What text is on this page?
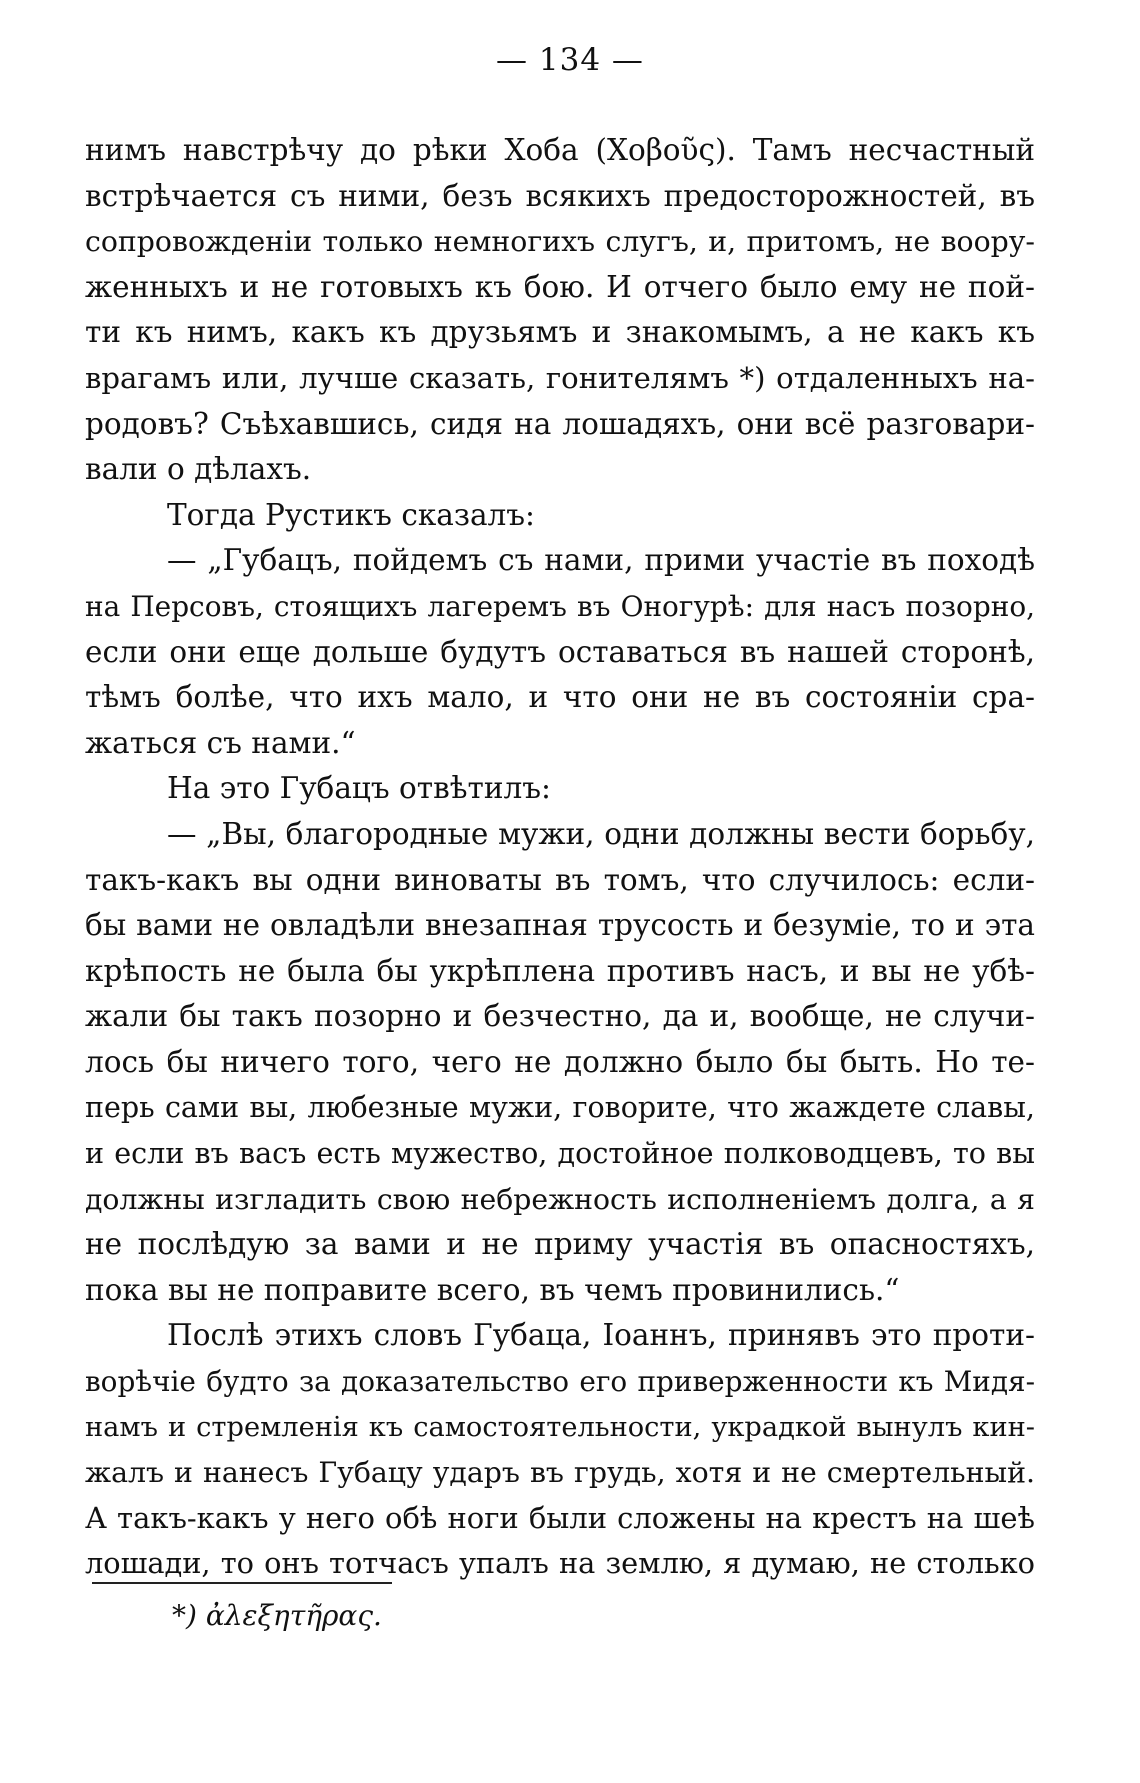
— 134 —
нимъ навстрѣчу до рѣки Хоба (Χοβοῦς). Тамъ несчастный
встрѣчается съ ними, безъ всякихъ предосторожностей, въ
сопровожденіи только немногихъ слугъ, и, притомъ, не воору-
женныхъ и не готовыхъ къ бою. И отчего было ему не пой-
ти къ нимъ, какъ къ друзьямъ и знакомымъ, а не какъ къ
врагамъ или, лучше сказать, гонителямъ *) отдаленныхъ на-
родовъ? Съѣхавшись, сидя на лошадяхъ, они всё разговари-
вали о дѣлахъ.
Тогда Рустикъ сказалъ:
— „Губацъ, пойдемъ съ нами, прими участіе въ походѣ
на Персовъ, стоящихъ лагеремъ въ Оногурѣ: для насъ позорно,
если они еще дольше будутъ оставаться въ нашей сторонѣ,
тѣмъ болѣе, что ихъ мало, и что они не въ состояніи сра-
жаться съ нами.“
На это Губацъ отвѣтилъ:
— „Вы, благородные мужи, одни должны вести борьбу,
такъ-какъ вы одни виноваты въ томъ, что случилось: если-
бы вами не овладѣли внезапная трусость и безуміе, то и эта
крѣпость не была бы укрѣплена противъ насъ, и вы не убѣ-
жали бы такъ позорно и безчестно, да и, вообще, не случи-
лось бы ничего того, чего не должно было бы быть. Но те-
перь сами вы, любезные мужи, говорите, что жаждете славы,
и если въ васъ есть мужество, достойное полководцевъ, то вы
должны изгладить свою небрежность исполненіемъ долга, а я
не послѣдую за вами и не приму участія въ опасностяхъ,
пока вы не поправите всего, въ чемъ провинились.“
Послѣ этихъ словъ Губаца, Іоаннъ, принявъ это проти-
ворѣчіе будто за доказательство его приверженности къ Мидя-
намъ и стремленія къ самостоятельности, украдкой вынулъ кин-
жалъ и нанесъ Губацу ударъ въ грудь, хотя и не смертельный.
А такъ-какъ у него обѣ ноги были сложены на крестъ на шеѣ
лошади, то онъ тотчасъ упалъ на землю, я думаю, не столько
*) ἀλεξητῆρας.
